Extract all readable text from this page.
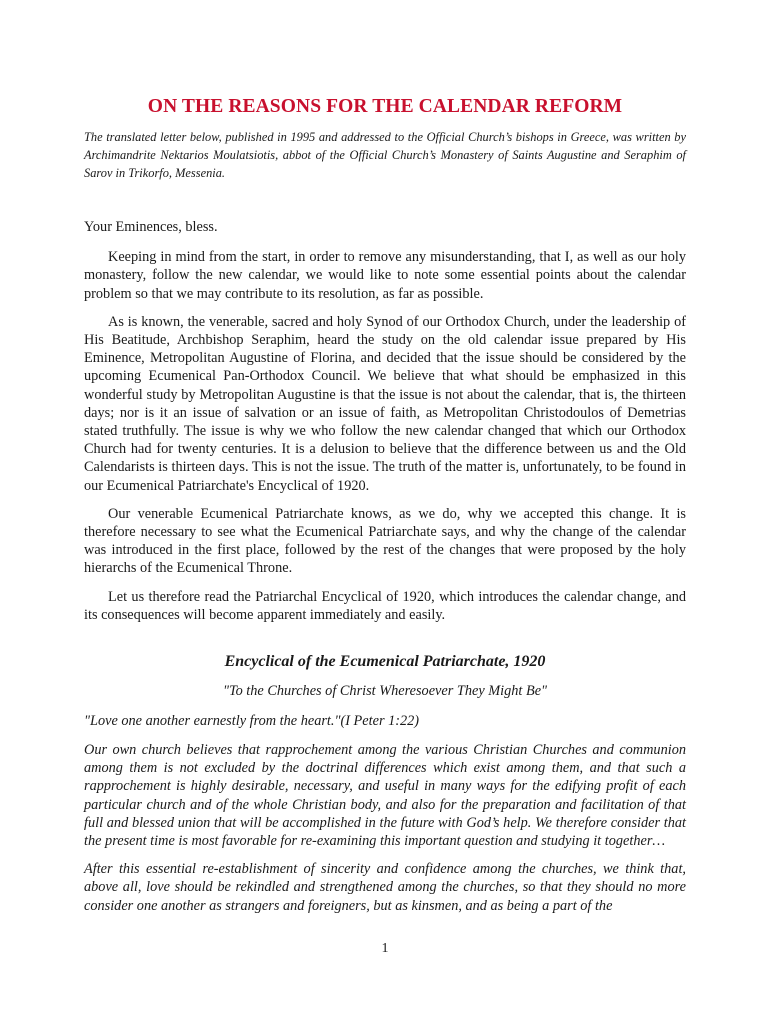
ON THE REASONS FOR THE CALENDAR REFORM

The translated letter below, published in 1995 and addressed to the Official Church’s bishops in Greece, was written by Archimandrite Nektarios Moulatsiotis, abbot of the Official Church’s Monastery of Saints Augustine and Seraphim of Sarov in Trikorfo, Messenia.

Your Eminences, bless.

Keeping in mind from the start, in order to remove any misunderstanding, that I, as well as our holy monastery, follow the new calendar, we would like to note some essential points about the calendar problem so that we may contribute to its resolution, as far as possible.

As is known, the venerable, sacred and holy Synod of our Orthodox Church, under the leadership of His Beatitude, Archbishop Seraphim, heard the study on the old calendar issue prepared by His Eminence, Metropolitan Augustine of Florina, and decided that the issue should be considered by the upcoming Ecumenical Pan-Orthodox Council. We believe that what should be emphasized in this wonderful study by Metropolitan Augustine is that the issue is not about the calendar, that is, the thirteen days; nor is it an issue of salvation or an issue of faith, as Metropolitan Christodoulos of Demetrias stated truthfully. The issue is why we who follow the new calendar changed that which our Orthodox Church had for twenty centuries. It is a delusion to believe that the difference between us and the Old Calendarists is thirteen days. This is not the issue. The truth of the matter is, unfortunately, to be found in our Ecumenical Patriarchate's Encyclical of 1920.

Our venerable Ecumenical Patriarchate knows, as we do, why we accepted this change. It is therefore necessary to see what the Ecumenical Patriarchate says, and why the change of the calendar was introduced in the first place, followed by the rest of the changes that were proposed by the holy hierarchs of the Ecumenical Throne.

Let us therefore read the Patriarchal Encyclical of 1920, which introduces the calendar change, and its consequences will become apparent immediately and easily.

Encyclical of the Ecumenical Patriarchate, 1920

"To the Churches of Christ Wheresoever They Might Be"

"Love one another earnestly from the heart."(I Peter 1:22)

Our own church believes that rapprochement among the various Christian Churches and communion among them is not excluded by the doctrinal differences which exist among them, and that such a rapprochement is highly desirable, necessary, and useful in many ways for the edifying profit of each particular church and of the whole Christian body, and also for the preparation and facilitation of that full and blessed union that will be accomplished in the future with God’s help. We therefore consider that the present time is most favorable for re-examining this important question and studying it together…

After this essential re-establishment of sincerity and confidence among the churches, we think that, above all, love should be rekindled and strengthened among the churches, so that they should no more consider one another as strangers and foreigners, but as kinsmen, and as being a part of the

1
